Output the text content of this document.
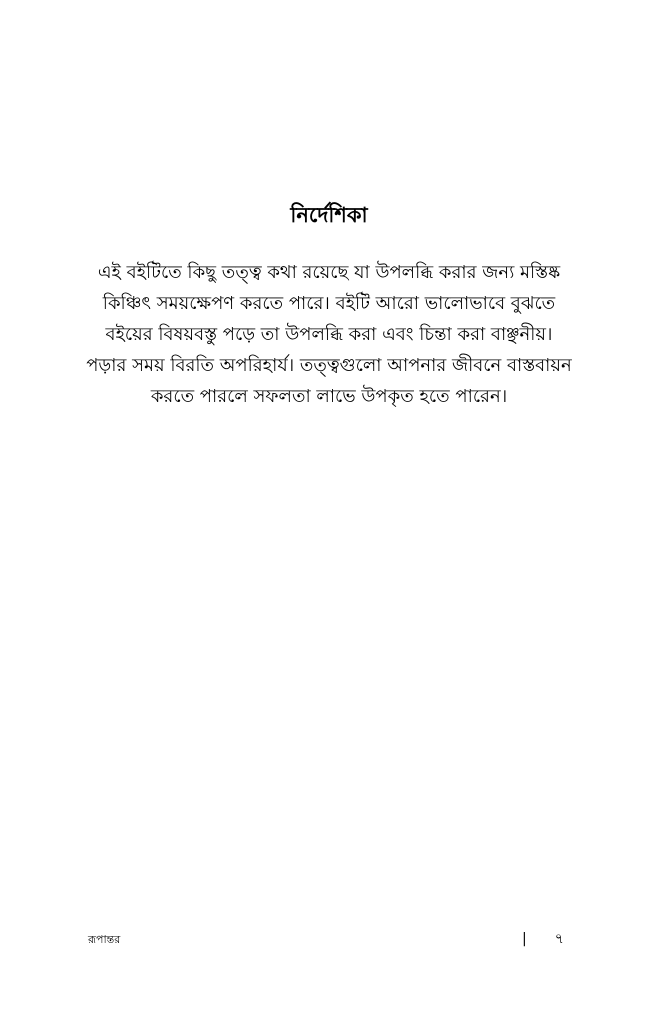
নির্দেশিকা
এই বইটিতে কিছু তত্ত্ব কথা রয়েছে যা উপলব্ধি করার জন্য মস্তিষ্ক
কিঞ্চিৎ সময়ক্ষেপণ করতে পারে। বইটি আরো ভালোভাবে বুঝতে
বইয়ের বিষয়বস্তু পড়ে তা উপলব্ধি করা এবং চিন্তা করা বাঞ্ছনীয়।
পড়ার সময় বিরতি অপরিহার্য। তত্ত্বগুলো আপনার জীবনে বাস্তবায়ন
করতে পারলে সফলতা লাভে উপকৃত হতে পারেন।
রূপান্তর	| ৭
